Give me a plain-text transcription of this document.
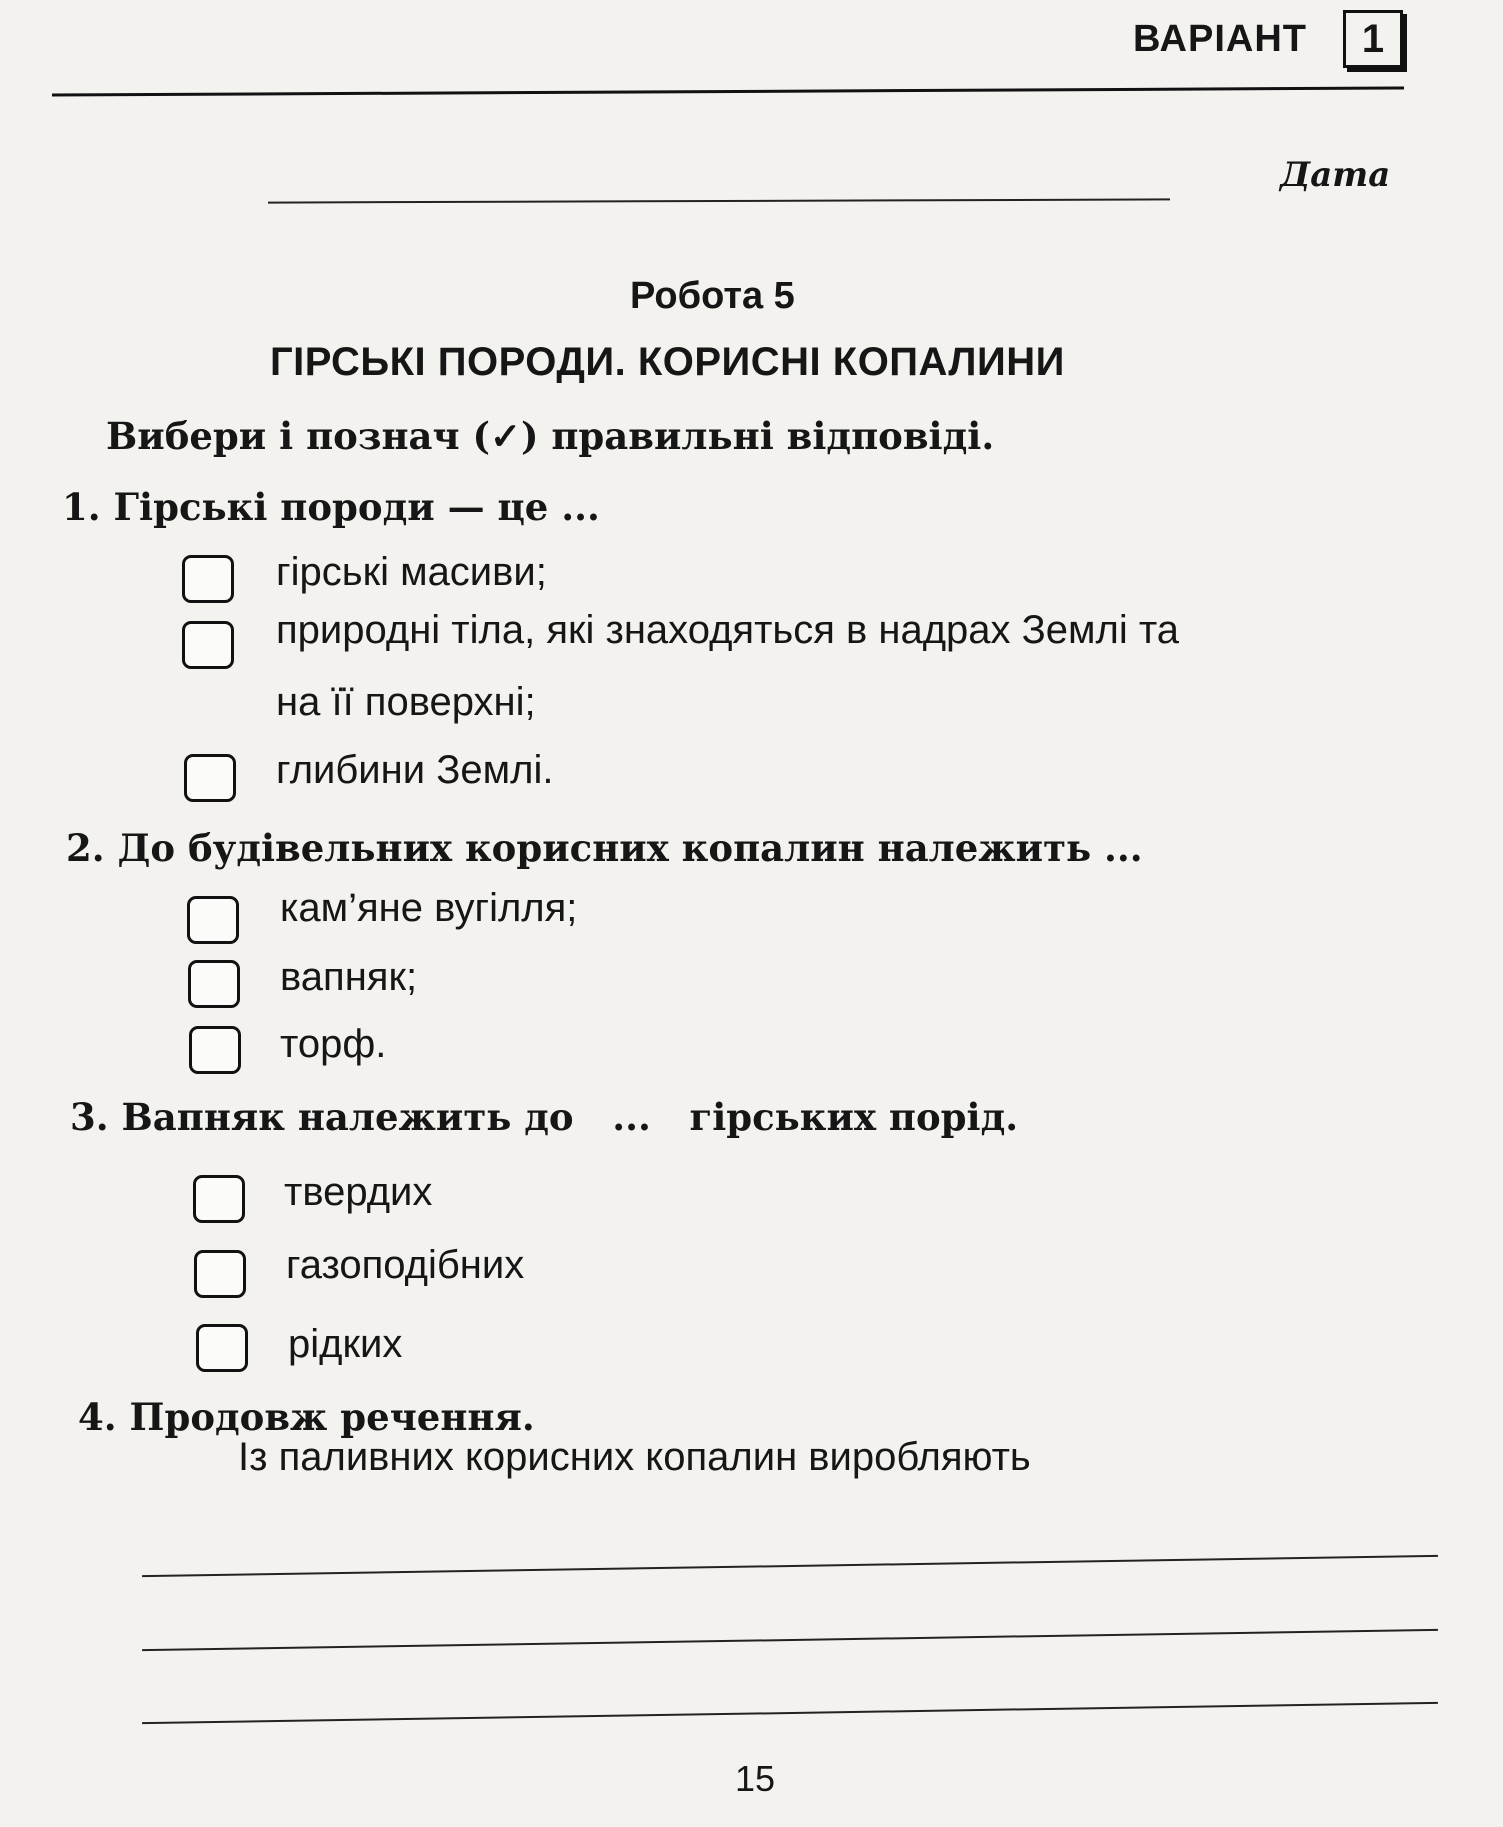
ВАРІАНТ	1
Дата
Робота 5
ГІРСЬКІ ПОРОДИ. КОРИСНІ КОПАЛИНИ
Вибери і познач (✓) правильні відповіді.
1. Гірські породи — це ...
гірські масиви;
природні тіла, які знаходяться в надрах Землі та
на її поверхні;
глибини Землі.
2. До будівельних корисних копалин належить ...
кам’яне вугілля;
вапняк;
торф.
3. Вапняк належить до   ...   гірських порід.
твердих
газоподібних
рідких
4. Продовж речення.
Із паливних корисних копалин виробляють
15
